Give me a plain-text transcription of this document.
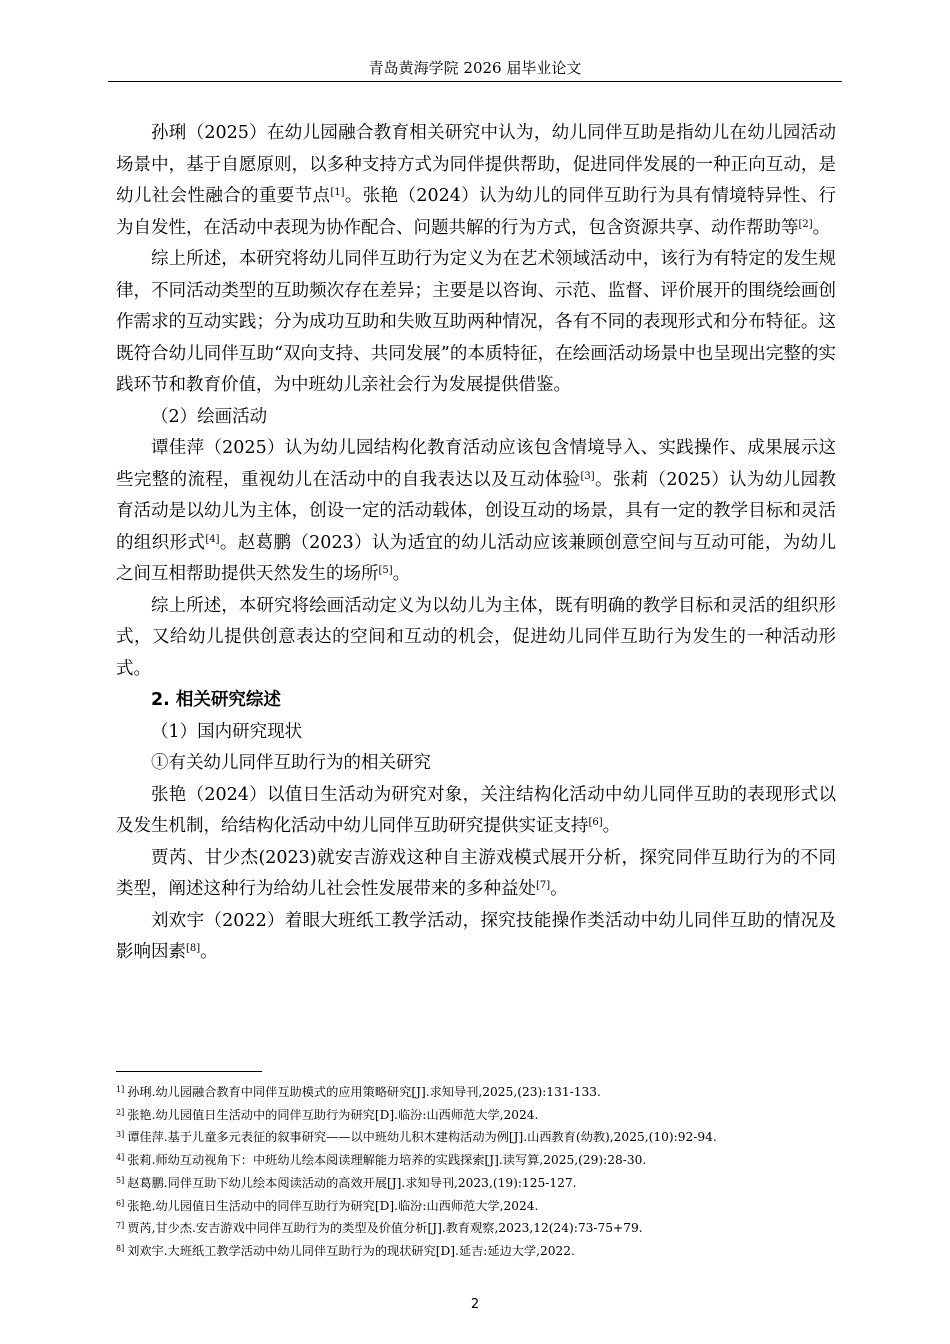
青岛黄海学院 2026 届毕业论文

孙琍（2025）在幼儿园融合教育相关研究中认为，幼儿同伴互助是指幼儿在幼儿园活动场景中，基于自愿原则，以多种支持方式为同伴提供帮助，促进同伴发展的一种正向互动，是幼儿社会性融合的重要节点[1]。张艳（2024）认为幼儿的同伴互助行为具有情境特异性、行为自发性，在活动中表现为协作配合、问题共解的行为方式，包含资源共享、动作帮助等[2]。

综上所述，本研究将幼儿同伴互助行为定义为在艺术领域活动中，该行为有特定的发生规律，不同活动类型的互助频次存在差异；主要是以咨询、示范、监督、评价展开的围绕绘画创作需求的互动实践；分为成功互助和失败互助两种情况，各有不同的表现形式和分布特征。这既符合幼儿同伴互助“双向支持、共同发展”的本质特征，在绘画活动场景中也呈现出完整的实践环节和教育价值，为中班幼儿亲社会行为发展提供借鉴。

（2）绘画活动

谭佳萍（2025）认为幼儿园结构化教育活动应该包含情境导入、实践操作、成果展示这些完整的流程，重视幼儿在活动中的自我表达以及互动体验[3]。张莉（2025）认为幼儿园教育活动是以幼儿为主体，创设一定的活动载体，创设互动的场景，具有一定的教学目标和灵活的组织形式[4]。赵葛鹏（2023）认为适宜的幼儿活动应该兼顾创意空间与互动可能，为幼儿之间互相帮助提供天然发生的场所[5]。

综上所述，本研究将绘画活动定义为以幼儿为主体，既有明确的教学目标和灵活的组织形式，又给幼儿提供创意表达的空间和互动的机会，促进幼儿同伴互助行为发生的一种活动形式。

2. 相关研究综述

（1）国内研究现状

①有关幼儿同伴互助行为的相关研究

张艳（2024）以值日生活动为研究对象，关注结构化活动中幼儿同伴互助的表现形式以及发生机制，给结构化活动中幼儿同伴互助研究提供实证支持[6]。

贾芮、甘少杰(2023)就安吉游戏这种自主游戏模式展开分析，探究同伴互助行为的不同类型，阐述这种行为给幼儿社会性发展带来的多种益处[7]。

刘欢宇（2022）着眼大班纸工教学活动，探究技能操作类活动中幼儿同伴互助的情况及影响因素[8]。

$^{1]}$ 孙琍.幼儿园融合教育中同伴互助模式的应用策略研究[J].求知导刊,2025,(23):131-133.

$^{2]}$ 张艳.幼儿园值日生活动中的同伴互助行为研究[D].临汾:山西师范大学,2024.

$^{3]}$ 谭佳萍.基于儿童多元表征的叙事研究——以中班幼儿积木建构活动为例[J].山西教育(幼教),2025,(10):92-94.

$^{4]}$ 张莉.师幼互动视角下：中班幼儿绘本阅读理解能力培养的实践探索[J].读写算,2025,(29):28-30.

$^{5]}$ 赵葛鹏.同伴互助下幼儿绘本阅读活动的高效开展[J].求知导刊,2023,(19):125-127.

$^{6]}$ 张艳.幼儿园值日生活动中的同伴互助行为研究[D].临汾:山西师范大学,2024.

$^{7]}$ 贾芮,甘少杰.安吉游戏中同伴互助行为的类型及价值分析[J].教育观察,2023,12(24):73-75+79.

$^{8]}$ 刘欢宇.大班纸工教学活动中幼儿同伴互助行为的现状研究[D].延吉:延边大学,2022.

2
